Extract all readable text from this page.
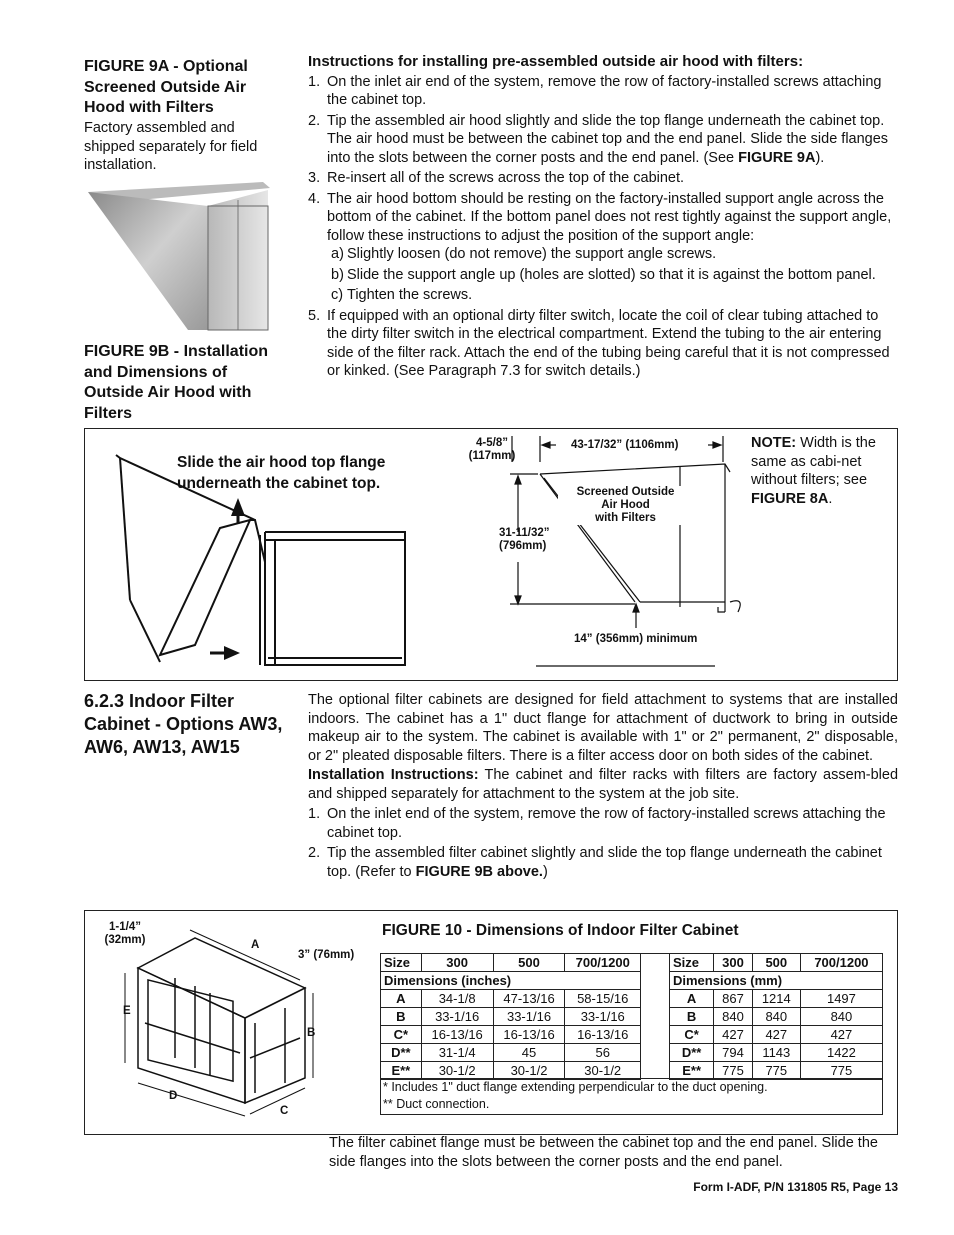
FIGURE 9A - Optional Screened Outside Air Hood with Filters
Factory assembled and shipped separately for field installation.
FIGURE 9B - Installation and Dimensions of Outside Air Hood with Filters
Instructions for installing pre-assembled outside air hood with filters:
1. On the inlet air end of the system, remove the row of factory-installed screws attaching the cabinet top.
2. Tip the assembled air hood slightly and slide the top flange underneath the cabinet top. The air hood must be between the cabinet top and the end panel. Slide the side flanges into the slots between the corner posts and the end panel. (See FIGURE 9A).
3. Re-insert all of the screws across the top of the cabinet.
4. The air hood bottom should be resting on the factory-installed support angle across the bottom of the cabinet. If the bottom panel does not rest tightly against the support angle, follow these instructions to adjust the position of the support angle:
a) Slightly loosen (do not remove) the support angle screws.
b) Slide the support angle up (holes are slotted) so that it is against the bottom panel.
c) Tighten the screws.
5. If equipped with an optional dirty filter switch, locate the coil of clear tubing attached to the dirty filter switch in the electrical compartment. Extend the tubing to the air entering side of the filter rack. Attach the end of the tubing being careful that it is not compressed or kinked. (See Paragraph 7.3 for switch details.)
Slide the air hood top flange underneath the cabinet top.
4-5/8”
(117mm)
43-17/32” (1106mm)
Screened Outside
Air Hood
with Filters
31-11/32”
(796mm)
14” (356mm) minimum
NOTE: Width is the same as cabi-net without filters; see FIGURE 8A.
6.2.3 Indoor Filter Cabinet - Options AW3, AW6, AW13, AW15
The optional filter cabinets are designed for field attachment to systems that are installed indoors. The cabinet has a 1" duct flange for attachment of ductwork to bring in outside makeup air to the system. The cabinet is available with 1" or 2" permanent, 2" disposable, or 2" pleated disposable filters. There is a filter access door on both sides of the cabinet.
Installation Instructions: The cabinet and filter racks with filters are factory assem-bled and shipped separately for attachment to the system at the job site.
1. On the inlet end of the system, remove the row of factory-installed screws attaching the cabinet top.
2. Tip the assembled filter cabinet slightly and slide the top flange underneath the cabinet top. (Refer to FIGURE 9B above.)
1-1/4”
(32mm)
3” (76mm)
A
B
C
D
E
FIGURE 10 - Dimensions of Indoor Filter Cabinet
Size	300	500	700/1200
Dimensions (inches)			
A	34-1/8	47-13/16	58-15/16
B	33-1/16	33-1/16	33-1/16
C*	16-13/16	16-13/16	16-13/16
D**	31-1/4	45	56
E**	30-1/2	30-1/2	30-1/2
Size	300	500	700/1200
Dimensions (mm)			
A	867	1214	1497
B	840	840	840
C*	427	427	427
D**	794	1143	1422
E**	775	775	775
* Includes 1" duct flange extending perpendicular to the duct opening.
** Duct connection.
The filter cabinet flange must be between the cabinet top and the end panel. Slide the side flanges into the slots between the corner posts and the end panel.
Form I-ADF, P/N 131805 R5, Page 13
